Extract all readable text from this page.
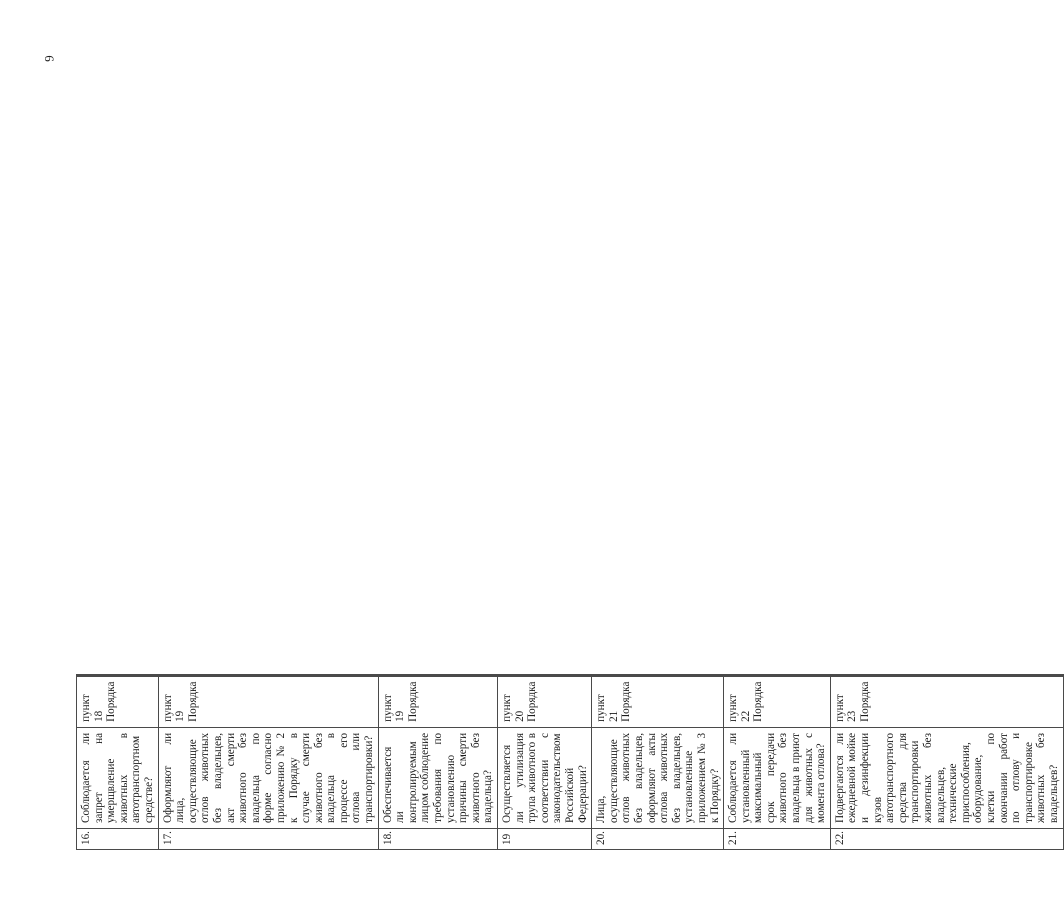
6
16.	Соблюдается ли запрет на умерщвление животных в автотранспортном средстве?	пункт 18 Порядка		
17.	Оформляют ли лица, осуществляющие отлов животных без владельцев, акт смерти животного без владельца по форме согласно приложению № 2 к Порядку в случае смерти животного без владельца в процессе его отлова или транспортировки?	пункт 19 Порядка		
18.	Обеспечивается ли контролируемым лицом соблюдение требования по установлению причины смерти животного без владельца?	пункт 19 Порядка		
19	Осуществляется ли утилизация трупа животного в соответствии с законодательством Российской Федерации?	пункт 20 Порядка		
20.	Лица, осуществляющие отлов животных без владельцев, оформляют акты отлова животных без владельцев, установленные приложением № 3 к Порядку?	пункт 21 Порядка		
21.	Соблюдается ли установленный максимальный срок передачи животного без владельца в приют для животных с момента отлова?	пункт 22 Порядка		
22.	Подвергаются ли ежедневной мойке и дезинфекции кузов автотранспортного средства для транспортировки животных без владельцев, технические приспособления, оборудование, клетки по окончании работ по отлову и транспортировке животных без владельцев?	пункт 23 Порядка		
